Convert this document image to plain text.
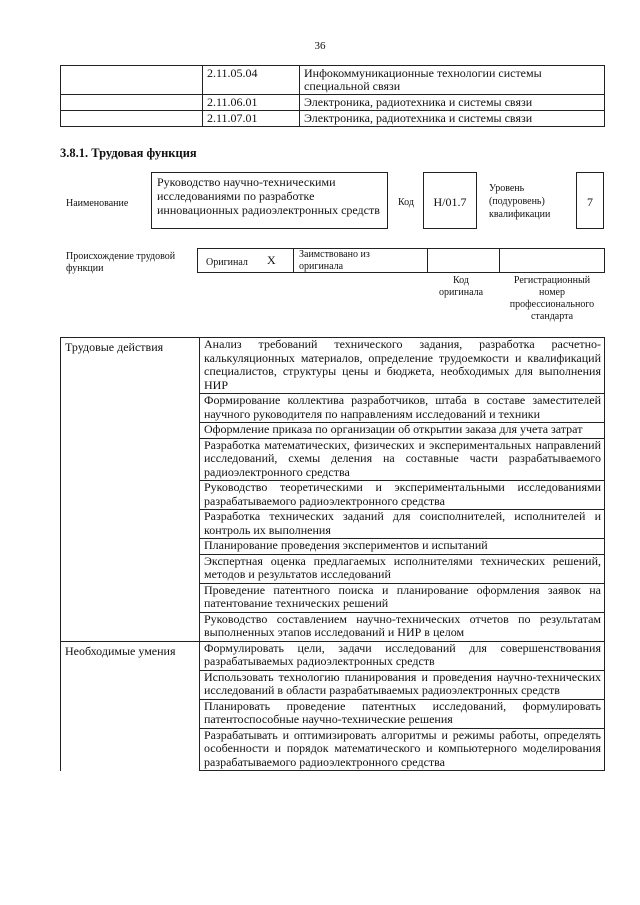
36
	2.11.05.04	Инфокоммуникационные технологии системы специальной связи
	2.11.06.01	Электроника, радиотехника и системы связи
	2.11.07.01	Электроника, радиотехника и системы связи
3.8.1. Трудовая функция
Наименование
Руководство научно-техническими исследованиями по разработке инновационных радиоэлектронных средств
Код	Н/01.7
Уровень (подуровень) квалификации
7
Происхождение трудовой функции
Оригинал Х Заимствовано из оригинала
Код оригинала
Регистрационный номер профессионального стандарта
Трудовые действия	Анализ требований технического задания, разработка расчетно-калькуляционных материалов, определение трудоемкости и квалификаций специалистов, структуры цены и бюджета, необходимых для выполнения НИР
	Формирование коллектива разработчиков, штаба в составе заместителей научного руководителя по направлениям исследований и техники
	Оформление приказа по организации об открытии заказа для учета затрат
	Разработка математических, физических и экспериментальных направлений исследований, схемы деления на составные части разрабатываемого радиоэлектронного средства
	Руководство теоретическими и экспериментальными исследованиями разрабатываемого радиоэлектронного средства
	Разработка технических заданий для соисполнителей, исполнителей и контроль их выполнения
	Планирование проведения экспериментов и испытаний
	Экспертная оценка предлагаемых исполнителями технических решений, методов и результатов исследований
	Проведение патентного поиска и планирование оформления заявок на патентование технических решений
	Руководство составлением научно-технических отчетов по результатам выполненных этапов исследований и НИР в целом
Необходимые умения	Формулировать цели, задачи исследований для совершенствования разрабатываемых радиоэлектронных средств
	Использовать технологию планирования и проведения научно-технических исследований в области разрабатываемых радиоэлектронных средств
	Планировать проведение патентных исследований, формулировать патентоспособные научно-технические решения
	Разрабатывать и оптимизировать алгоритмы и режимы работы, определять особенности и порядок математического и компьютерного моделирования разрабатываемого радиоэлектронного средства
